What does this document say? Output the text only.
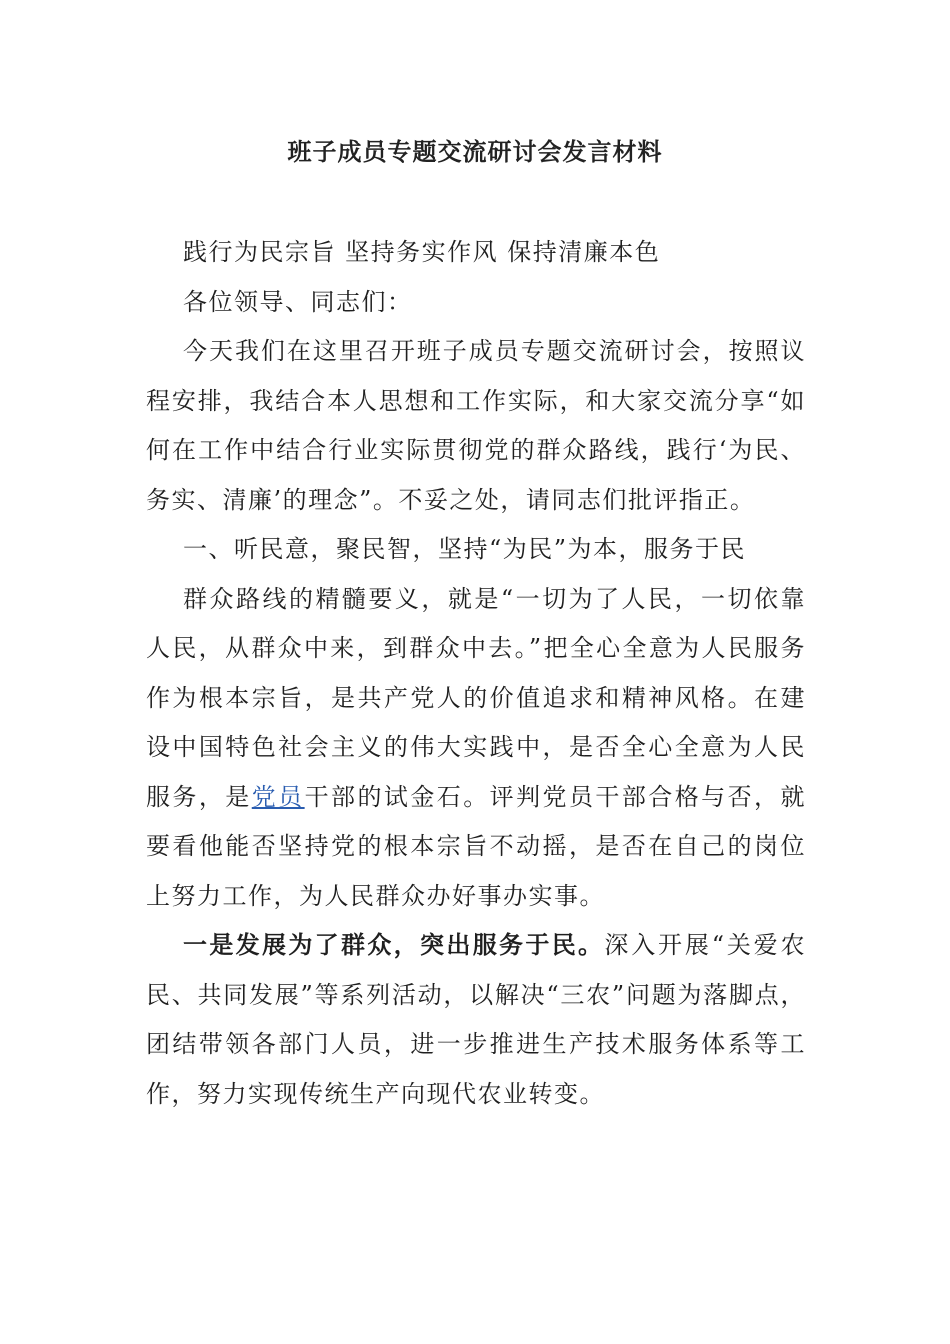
班子成员专题交流研讨会发言材料

践行为民宗旨 坚持务实作风 保持清廉本色

各位领导、同志们：

今天我们在这里召开班子成员专题交流研讨会，按照议程安排，我结合本人思想和工作实际，和大家交流分享“如何在工作中结合行业实际贯彻党的群众路线，践行‘为民、务实、清廉’的理念”。不妥之处，请同志们批评指正。

一、听民意，聚民智，坚持“为民”为本，服务于民

群众路线的精髓要义，就是“一切为了人民，一切依靠人民，从群众中来，到群众中去。”把全心全意为人民服务作为根本宗旨，是共产党人的价值追求和精神风格。在建设中国特色社会主义的伟大实践中，是否全心全意为人民服务，是党员干部的试金石。评判党员干部合格与否，就要看他能否坚持党的根本宗旨不动摇，是否在自己的岗位上努力工作，为人民群众办好事办实事。

一是发展为了群众，突出服务于民。深入开展“关爱农民、共同发展”等系列活动，以解决“三农”问题为落脚点，团结带领各部门人员，进一步推进生产技术服务体系等工作，努力实现传统生产向现代农业转变。
